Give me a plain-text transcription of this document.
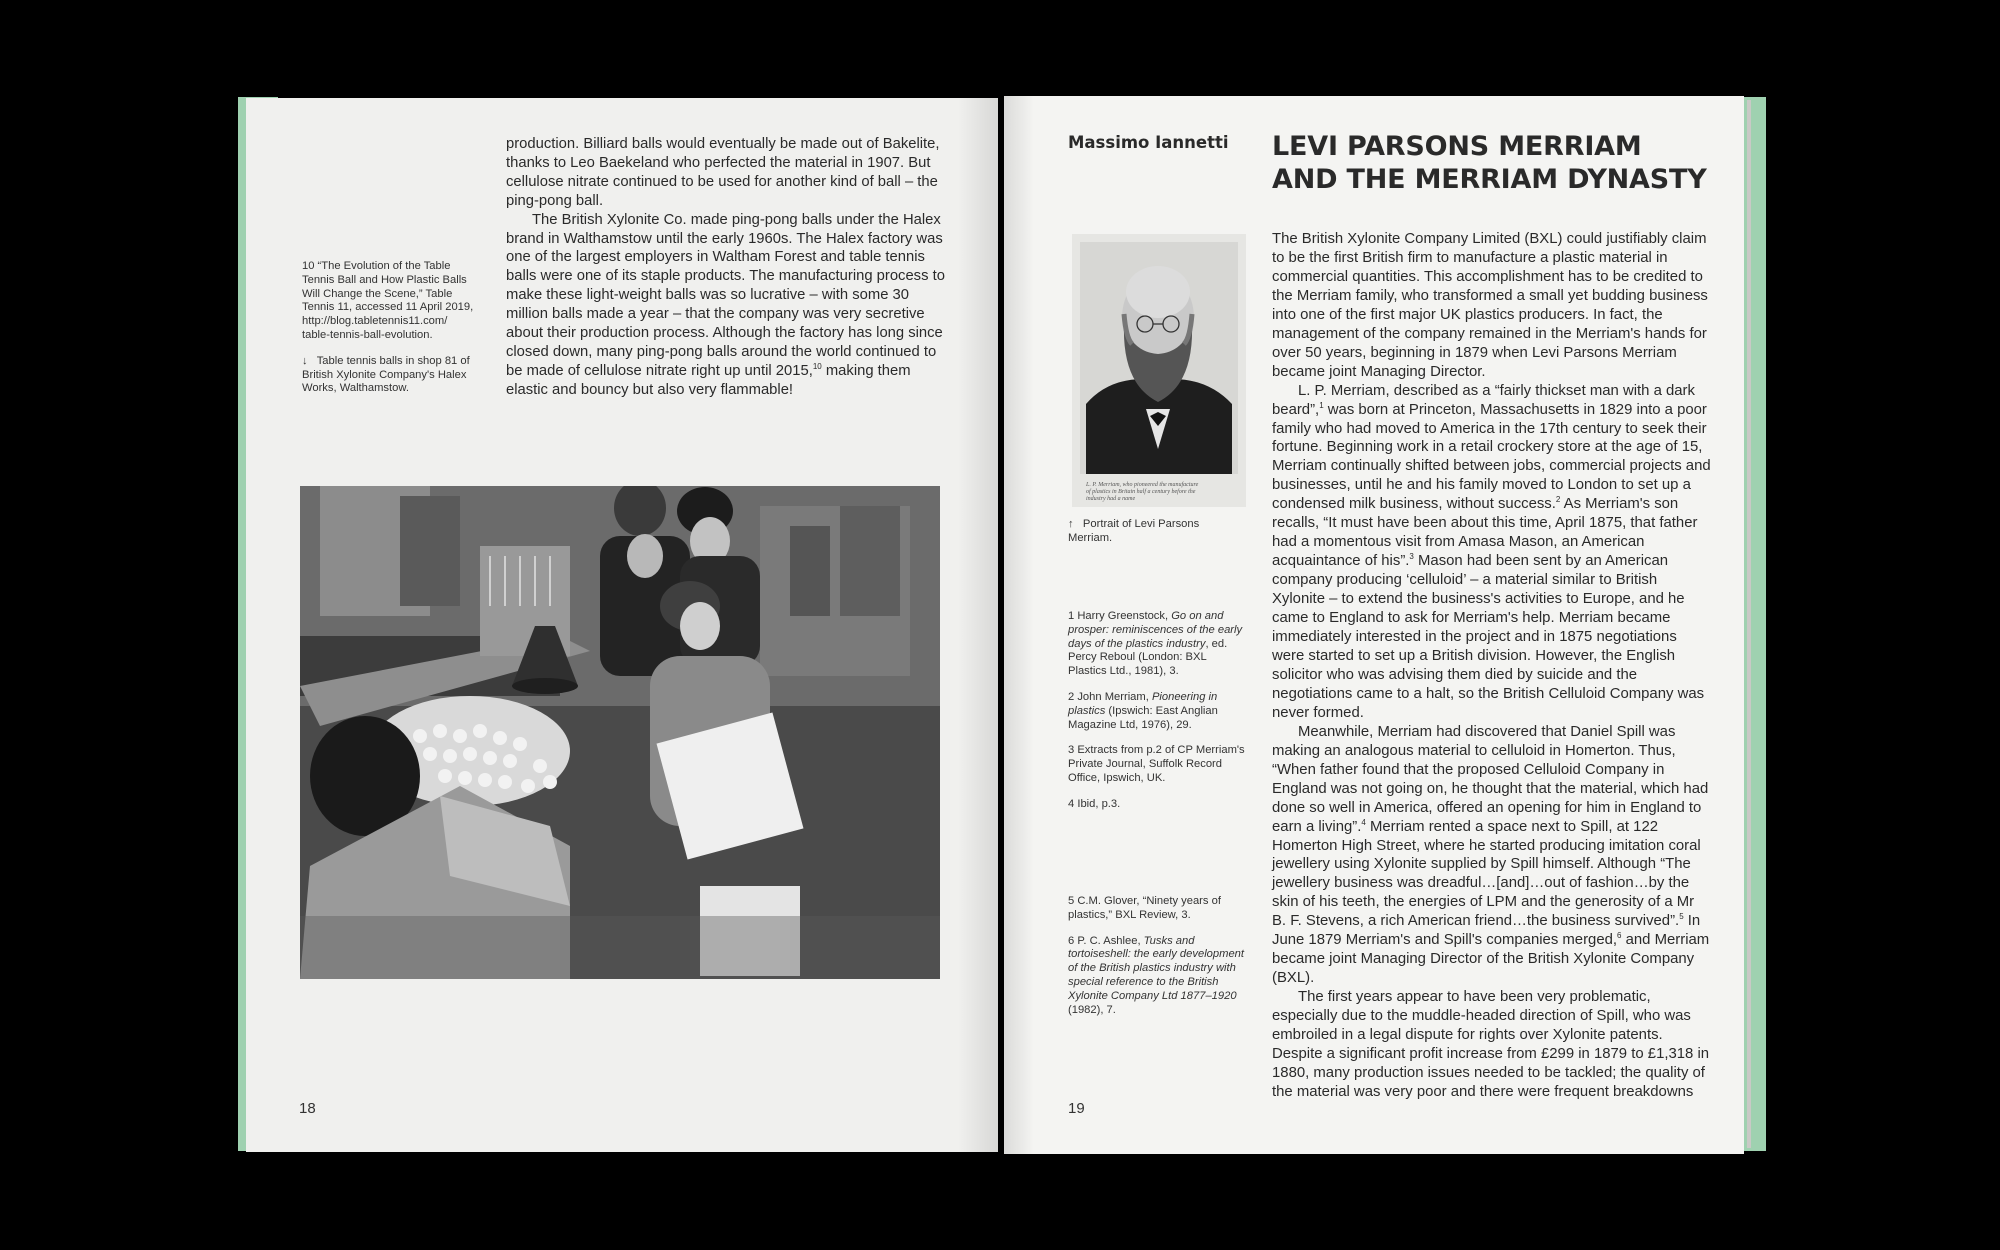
10 “The Evolution of the Table Tennis Ball and How Plastic Balls Will Change the Scene,” Table Tennis 11, accessed 11 April 2019, http://blog.tabletennis11.com/ table-tennis-ball-evolution.

↓ Table tennis balls in shop 81 of British Xylonite Company's Halex Works, Walthamstow.

production. Billiard balls would eventually be made out of Bakelite, thanks to Leo Baekeland who perfected the material in 1907. But cellulose nitrate continued to be used for another kind of ball – the ping-pong ball.

The British Xylonite Co. made ping-pong balls under the Halex brand in Walthamstow until the early 1960s. The Halex factory was one of the largest employers in Waltham Forest and table tennis balls were one of its staple products. The manufacturing process to make these light-weight balls was so lucrative – with some 30 million balls made a year – that the company was very secretive about their production process. Although the factory has long since closed down, many ping-pong balls around the world continued to be made of cellulose nitrate right up until 2015,10 making them elastic and bouncy but also very flammable!

18
Massimo Iannetti LEVI PARSONS MERRIAM AND THE MERRIAM DYNASTY
L. P. Merriam, who pioneered the manufacture
of plastics in Britain half a century before the
industry had a name
↑ Portrait of Levi Parsons Merriam.

1 Harry Greenstock, Go on and prosper: reminiscences of the early days of the plastics industry, ed. Percy Reboul (London: BXL Plastics Ltd., 1981), 3.

2 John Merriam, Pioneering in plastics (Ipswich: East Anglian Magazine Ltd, 1976), 29.

3 Extracts from p.2 of CP Merriam's Private Journal, Suffolk Record Office, Ipswich, UK.

4 Ibid, p.3.

5 C.M. Glover, “Ninety years of plastics,” BXL Review, 3.

6 P. C. Ashlee, Tusks and tortoiseshell: the early development of the British plastics industry with special reference to the British Xylonite Company Ltd 1877–1920 (1982), 7.

The British Xylonite Company Limited (BXL) could justifiably claim to be the first British firm to manufacture a plastic material in commercial quantities. This accomplishment has to be credited to the Merriam family, who transformed a small yet budding business into one of the first major UK plastics producers. In fact, the management of the company remained in the Merriam's hands for over 50 years, beginning in 1879 when Levi Parsons Merriam became joint Managing Director.

L. P. Merriam, described as a “fairly thickset man with a dark beard”,$^1$ was born at Princeton, Massachusetts in 1829 into a poor family who had moved to America in the 17th century to seek their fortune. Beginning work in a retail crockery store at the age of 15, Merriam continually shifted between jobs, commercial projects and businesses, until he and his family moved to London to set up a condensed milk business, without success.$^2$ As Merriam's son recalls, “It must have been about this time, April 1875, that father had a momentous visit from Amasa Mason, an American acquaintance of his”.$^3$ Mason had been sent by an American company producing ‘celluloid’ – a material similar to British Xylonite – to extend the business's activities to Europe, and he came to England to ask for Merriam's help. Merriam became immediately interested in the project and in 1875 negotiations were started to set up a British division. However, the English solicitor who was advising them died by suicide and the negotiations came to a halt, so the British Celluloid Company was never formed.

Meanwhile, Merriam had discovered that Daniel Spill was making an analogous material to celluloid in Homerton. Thus, “When father found that the proposed Celluloid Company in England was not going on, he thought that the material, which had done so well in America, offered an opening for him in England to earn a living”.$^4$ Merriam rented a space next to Spill, at 122 Homerton High Street, where he started producing imitation coral jewellery using Xylonite supplied by Spill himself. Although “The jewellery business was dreadful…[and]…out of fashion…by the skin of his teeth, the energies of LPM and the generosity of a Mr B. F. Stevens, a rich American friend…the business survived”.$^5$ In June 1879 Merriam's and Spill's companies merged,$^6$ and Merriam became joint Managing Director of the British Xylonite Company (BXL).

The first years appear to have been very problematic, especially due to the muddle-headed direction of Spill, who was embroiled in a legal dispute for rights over Xylonite patents. Despite a significant profit increase from £299 in 1879 to £1,318 in 1880, many production issues needed to be tackled; the quality of the material was very poor and there were frequent breakdowns

19
